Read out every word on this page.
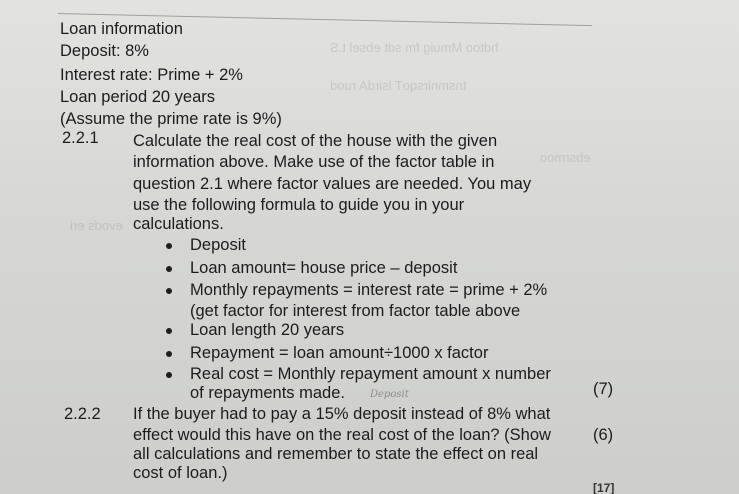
hdtoo Mmuig fm sdt ebsel t.S
tnsmnirsqoT lsirdA ruod
ebsrmoo
evods eri
Loan information
Deposit: 8%
Interest rate: Prime + 2%
Loan period 20 years
(Assume the prime rate is 9%)
2.2.1 Calculate the real cost of the house with the given
information above. Make use of the factor table in
question 2.1 where factor values are needed. You may
use the following formula to guide you in your
calculations.
Deposit
Loan amount= house price – deposit
Monthly repayments = interest rate = prime + 2%
(get factor for interest from factor table above
Loan length 20 years
Repayment = loan amount÷1000 x factor
Real cost = Monthly repayment amount x number
of repayments made.	Deposit	(7)
2.2.2 If the buyer had to pay a 15% deposit instead of 8% what
effect would this have on the real cost of the loan? (Show
all calculations and remember to state the effect on real
cost of loan.)
(6)
[17]
